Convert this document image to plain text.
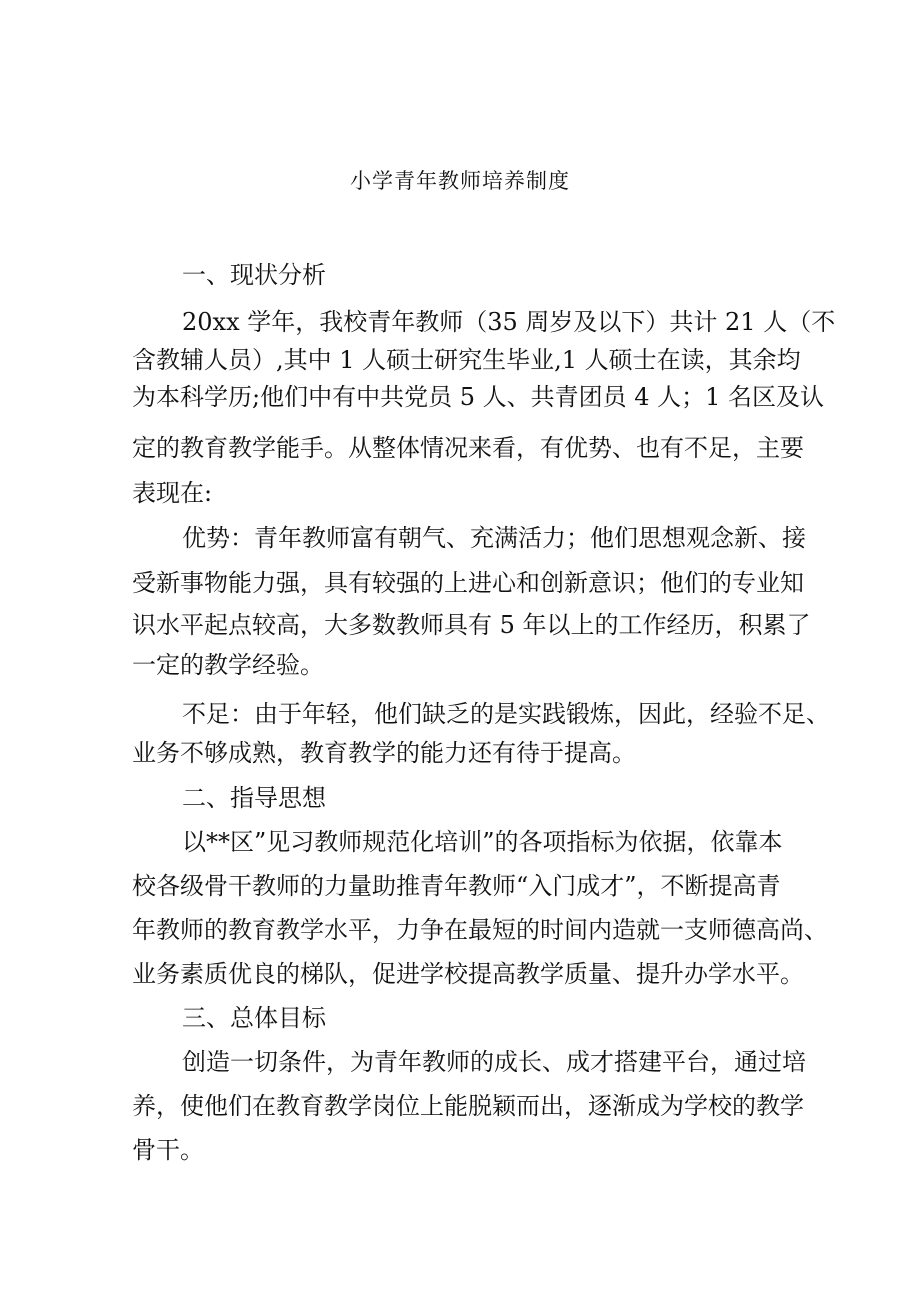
小学青年教师培养制度
一、现状分析
20xx 学年，我校青年教师（35 周岁及以下）共计 21 人（不
含教辅人员）,其中 1 人硕士研究生毕业,1 人硕士在读，其余均
为本科学历;他们中有中共党员 5 人、共青团员 4 人；1 名区及认
定的教育教学能手。从整体情况来看，有优势、也有不足，主要
表现在:
优势：青年教师富有朝气、充满活力；他们思想观念新、接
受新事物能力强，具有较强的上进心和创新意识；他们的专业知
识水平起点较高，大多数教师具有 5 年以上的工作经历，积累了
一定的教学经验。
不足：由于年轻，他们缺乏的是实践锻炼，因此，经验不足、
业务不够成熟，教育教学的能力还有待于提高。
二、指导思想
以**区”见习教师规范化培训”的各项指标为依据，依靠本
校各级骨干教师的力量助推青年教师“入门成才”，不断提高青
年教师的教育教学水平，力争在最短的时间内造就一支师德高尚、
业务素质优良的梯队，促进学校提高教学质量、提升办学水平。
三、总体目标
创造一切条件，为青年教师的成长、成才搭建平台，通过培
养，使他们在教育教学岗位上能脱颖而出，逐渐成为学校的教学
骨干。
